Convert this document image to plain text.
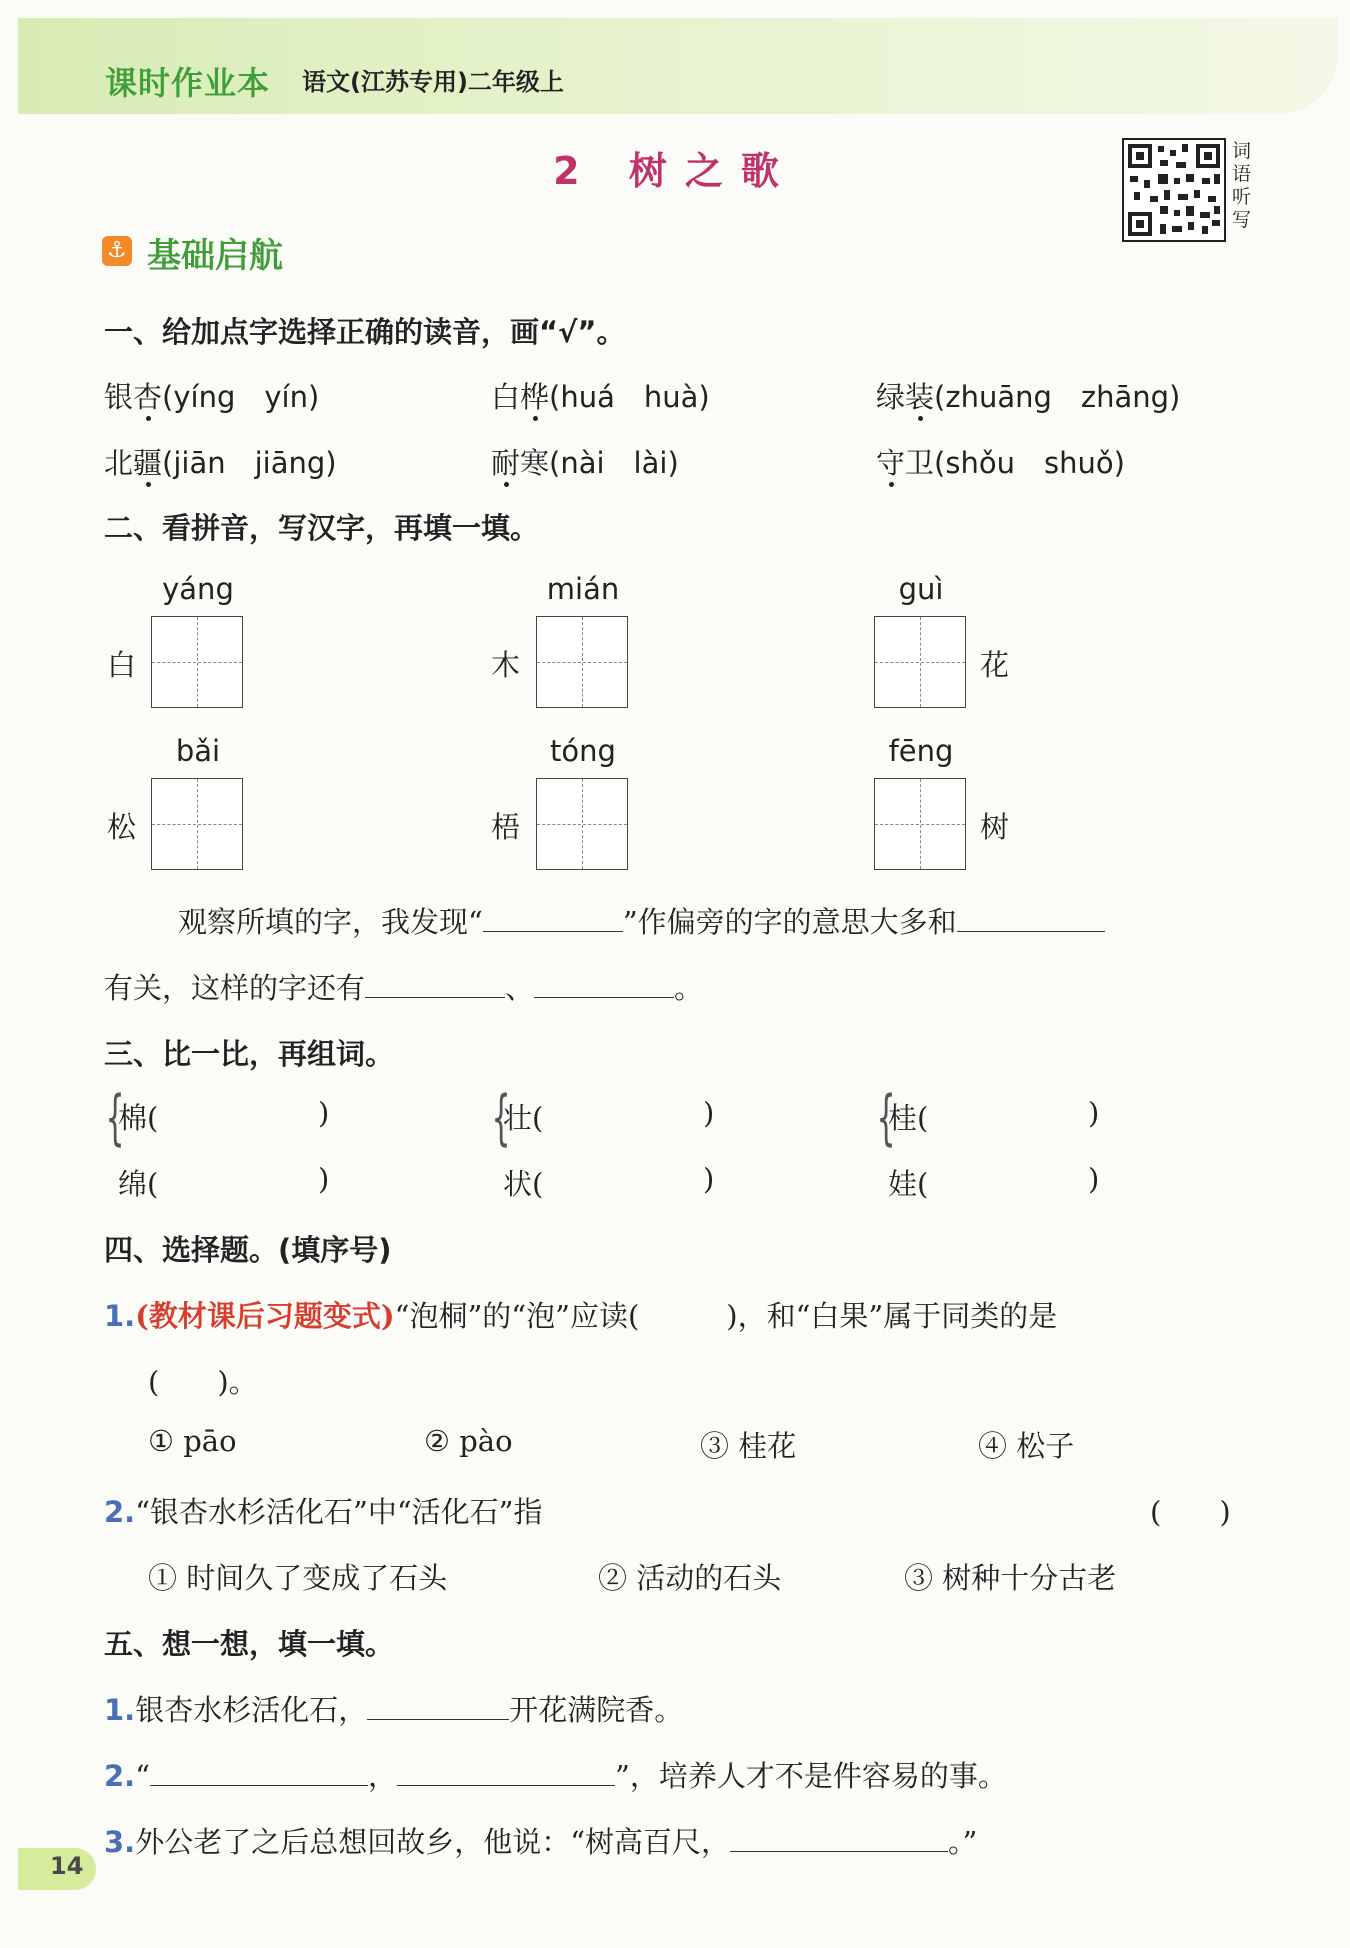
课时作业本 语文(江苏专用)二年级上
2 树之歌	词语听写
⚓ 基础启航
一、给加点字选择正确的读音，画“√”。
银杏(yíng　yín)	白桦(huá　huà)	绿装(zhuāng　zhāng)
北疆(jiān　jiāng)	耐寒(nài　lài)	守卫(shǒu　shuǒ)
二、看拼音，写汉字，再填一填。
yáng
白
mián
木
guì
花
bǎi
松
tóng
梧
fēng
树
观察所填的字，我发现“	”作偏旁的字的意思大多和
有关，这样的字还有	、	。
三、比一比，再组词。
{
棉(	)
绵(	)
{
壮(	)
状(	)
{
桂(	)
娃(	)
四、选择题。(填序号)
1.(教材课后习题变式)“泡桐”的“泡”应读(　　　)，和“白果”属于同类的是
(　　)。
① pāo	② pào	③ 桂花	④ 松子
2.“银杏水杉活化石”中“活化石”指	(　　)
① 时间久了变成了石头	② 活动的石头	③ 树种十分古老
五、想一想，填一填。
1.银杏水杉活化石，	开花满院香。
2.“	，	”，培养人才不是件容易的事。
3.外公老了之后总想回故乡，他说：“树高百尺，	。”
14
